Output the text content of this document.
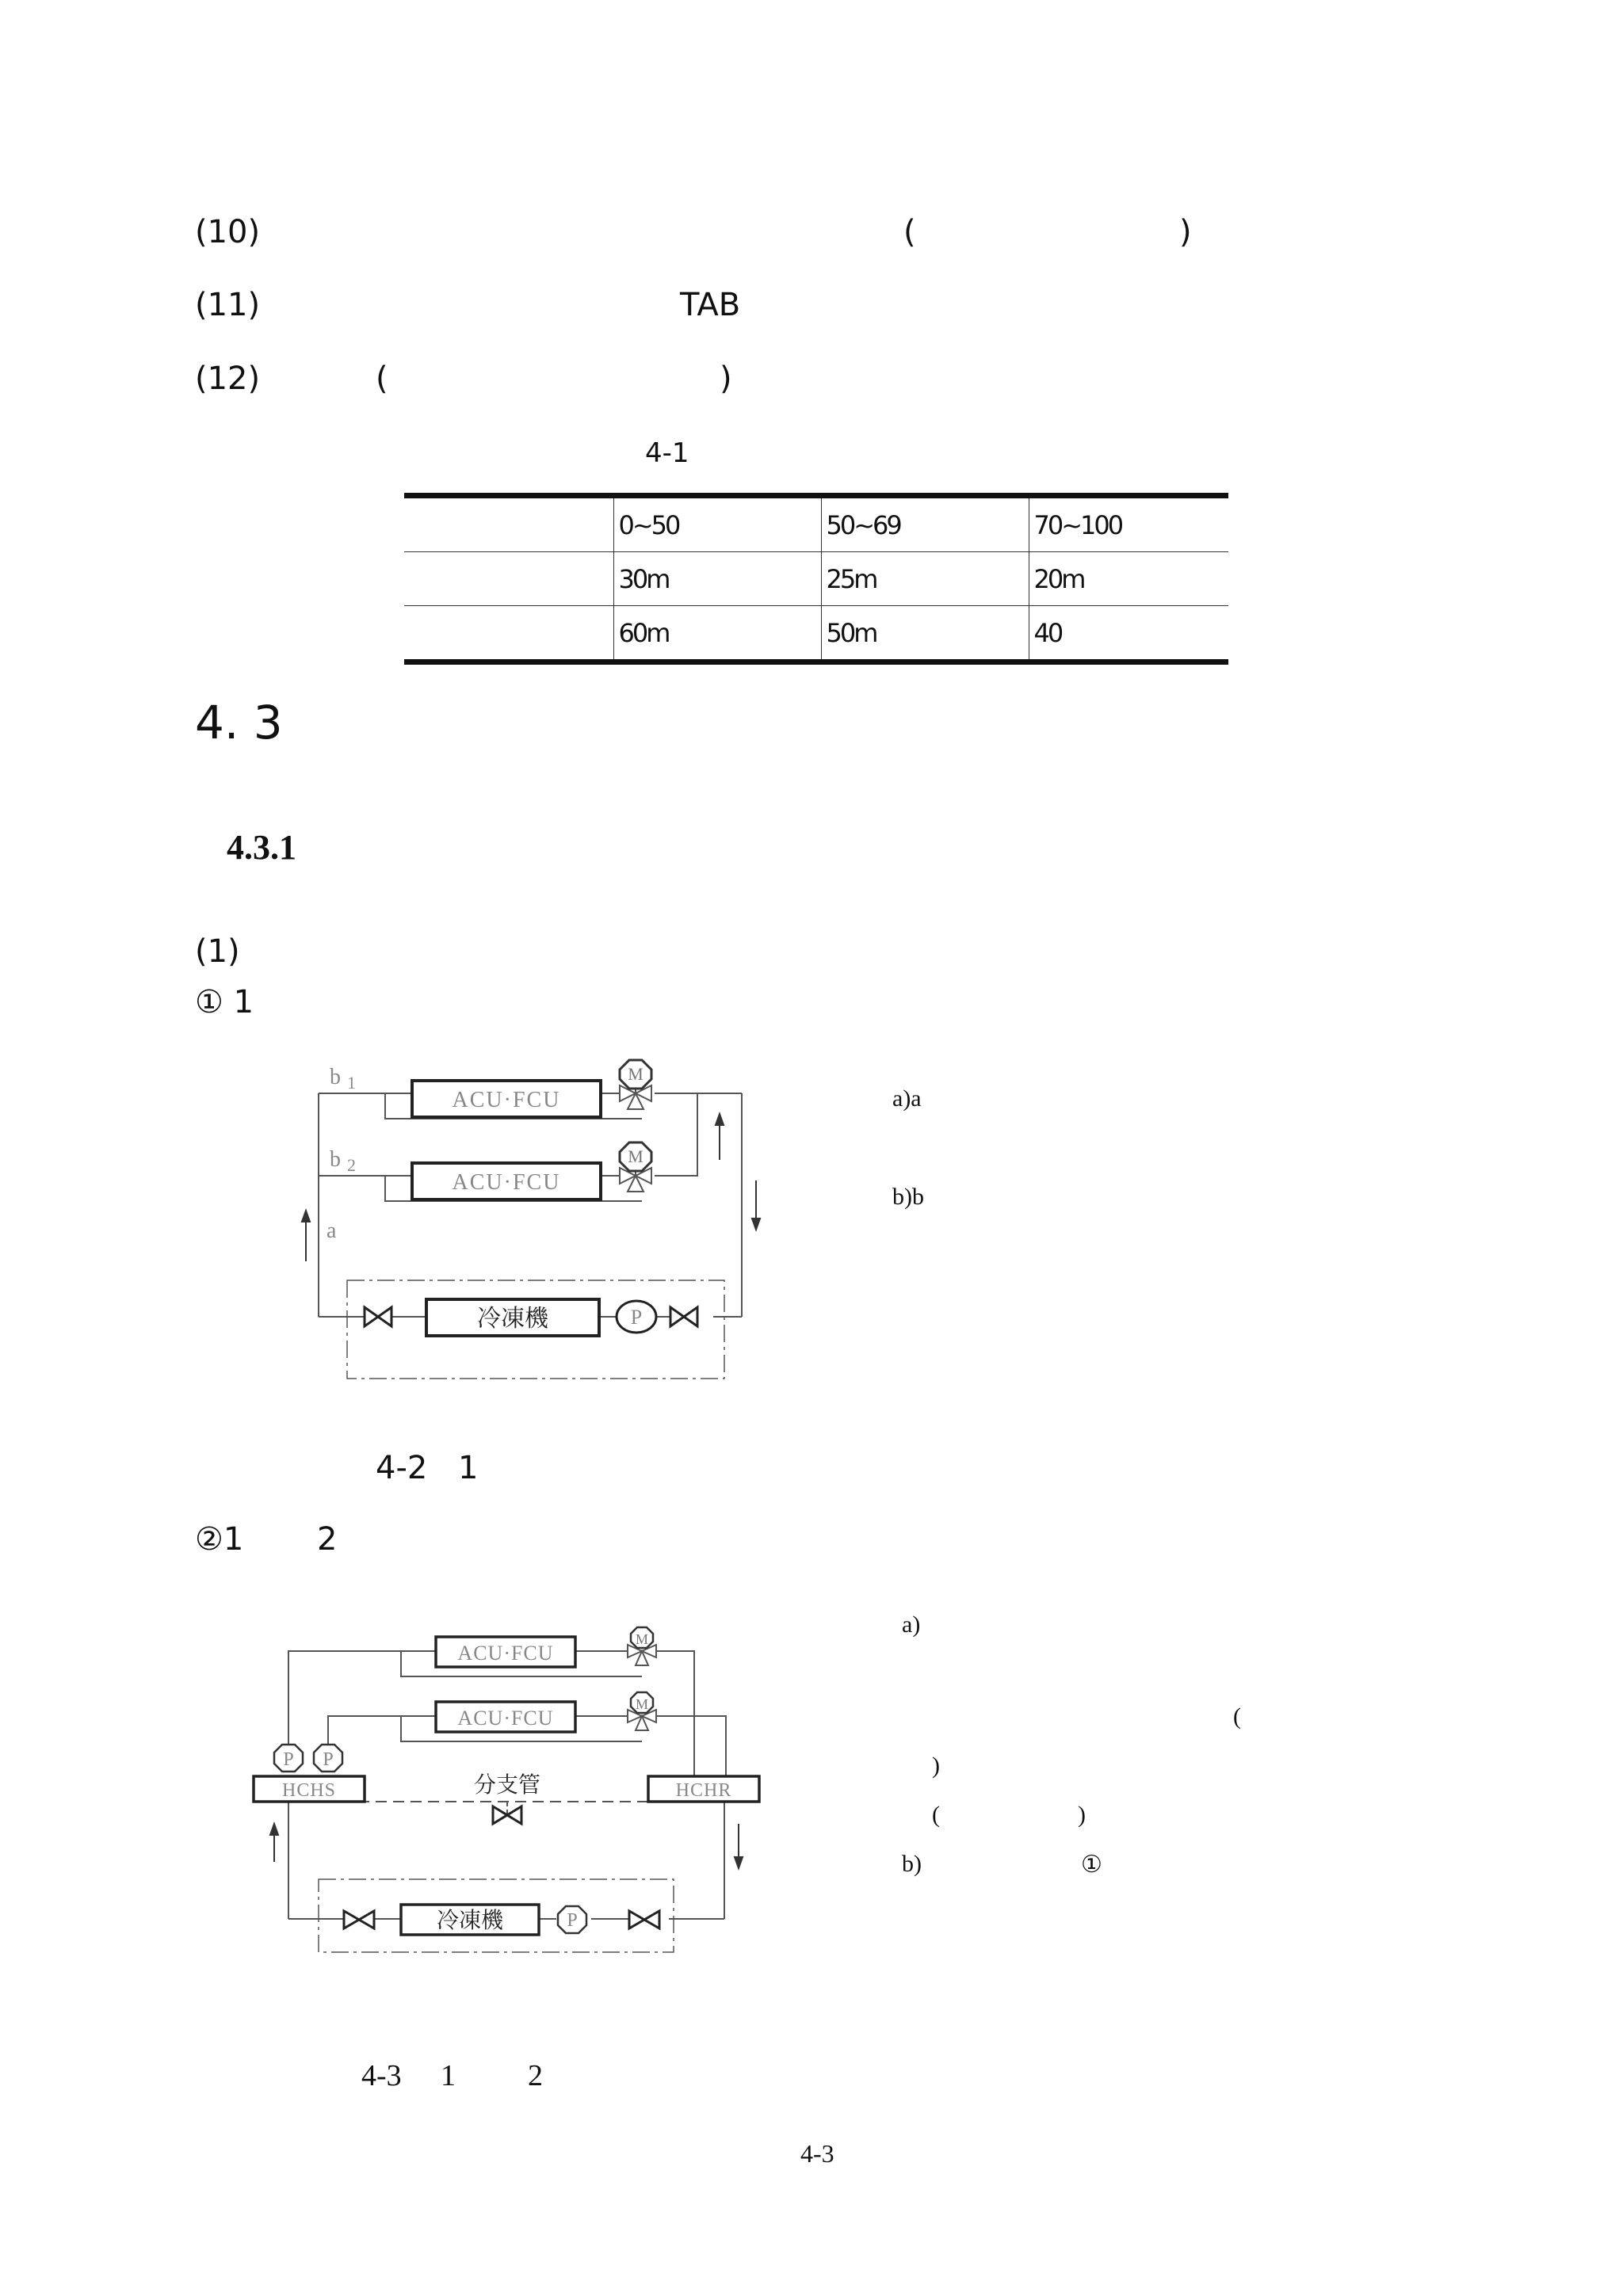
(10)	(	)
(11)	TAB
(12)	(	)
4-1
	0~50	50~69	70~100
	30m	25m	20m
	60m	50m	40
4. 3
4.3.1
(1)
① 1
b 1
b 2
a
ACU·FCU
ACU·FCU
冷凍機
M
M
P
a)a
b)b
4-2 1
②1 2
ACU·FCU
ACU·FCU
M
M
P P
HCHS	HCHR
分支管
冷凍機	P
a)
(
)
(	)
b)	①
4-3 1 2
4-3
